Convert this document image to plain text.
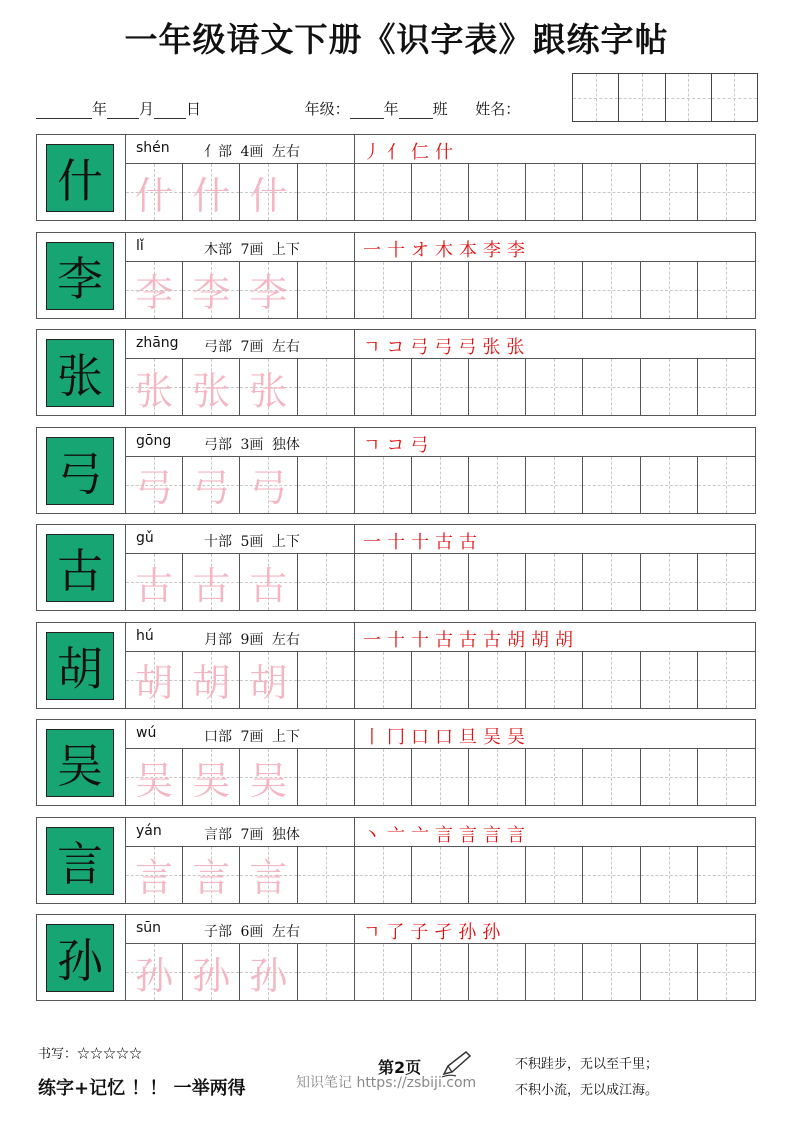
一年级语文下册《识字表》跟练字帖
年 月 日	年级： 年 班 姓名：
什
shén 亻部 4画 左右	丿亻仁什
什 什 什
李
lǐ	木部 7画 上下	一十オ木本李李
李 李 李
张
zhāng 弓部 7画 左右	ㄱコ弓弓弓张张
张 张 张
弓
gōng 弓部 3画 独体	ㄱコ弓
弓 弓 弓
古
gǔ	十部 5画 上下	一十十古古
古 古 古
胡
hú	月部 9画 左右	一十十古古古胡胡胡
胡 胡 胡
吴
wú	口部 7画 上下	丨冂口口旦吴吴
吴 吴 吴
言
yán	言部 7画 独体	丶亠亠言言言言
言 言 言
孙
sūn	子部 6画 左右	ㄱ了子孑孙孙
孙 孙 孙
书写：☆☆☆☆☆
练字+记忆 ！！ 一举两得
第2页
知识笔记 https://zsbiji.com
不积跬步，无以至千里；
不积小流，无以成江海。
